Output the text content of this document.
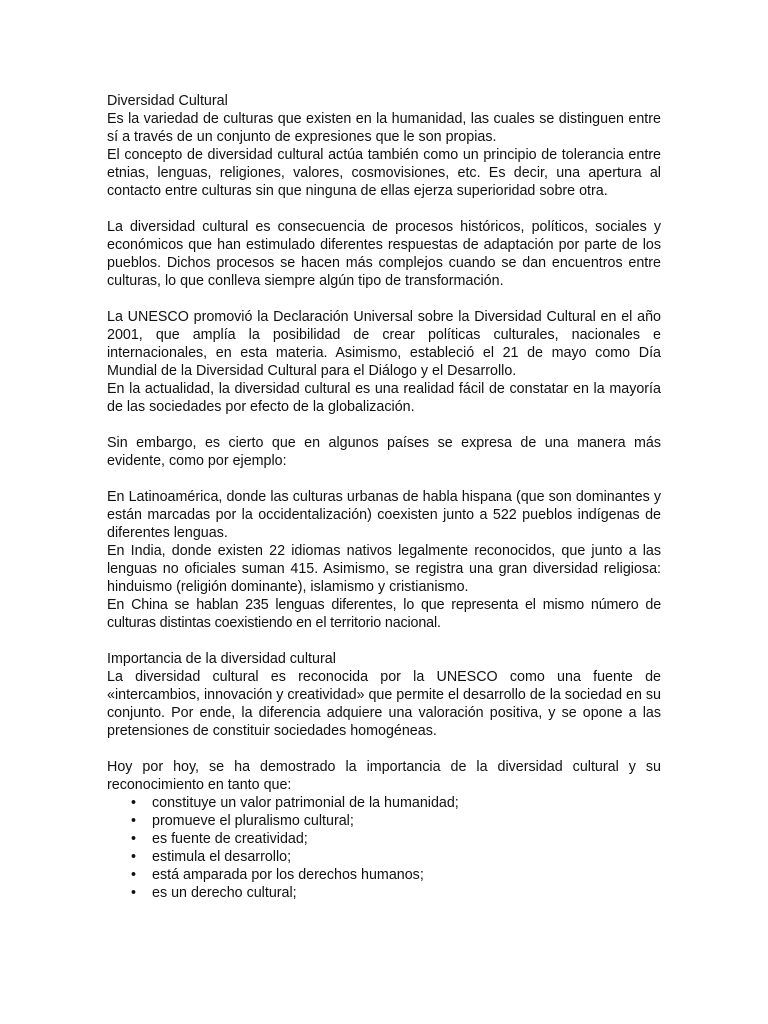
Diversidad Cultural

Es la variedad de culturas que existen en la humanidad, las cuales se distinguen entre sí a través de un conjunto de expresiones que le son propias.

El concepto de diversidad cultural actúa también como un principio de tolerancia entre etnias, lenguas, religiones, valores, cosmovisiones, etc. Es decir, una apertura al contacto entre culturas sin que ninguna de ellas ejerza superioridad sobre otra.

La diversidad cultural es consecuencia de procesos históricos, políticos, sociales y económicos que han estimulado diferentes respuestas de adaptación por parte de los pueblos. Dichos procesos se hacen más complejos cuando se dan encuentros entre culturas, lo que conlleva siempre algún tipo de transformación.

La UNESCO promovió la Declaración Universal sobre la Diversidad Cultural en el año 2001, que amplía la posibilidad de crear políticas culturales, nacionales e internacionales, en esta materia. Asimismo, estableció el 21 de mayo como Día Mundial de la Diversidad Cultural para el Diálogo y el Desarrollo.

En la actualidad, la diversidad cultural es una realidad fácil de constatar en la mayoría de las sociedades por efecto de la globalización.

Sin embargo, es cierto que en algunos países se expresa de una manera más evidente, como por ejemplo:

En Latinoamérica, donde las culturas urbanas de habla hispana (que son dominantes y están marcadas por la occidentalización) coexisten junto a 522 pueblos indígenas de diferentes lenguas.

En India, donde existen 22 idiomas nativos legalmente reconocidos, que junto a las lenguas no oficiales suman 415. Asimismo, se registra una gran diversidad religiosa: hinduismo (religión dominante), islamismo y cristianismo.

En China se hablan 235 lenguas diferentes, lo que representa el mismo número de culturas distintas coexistiendo en el territorio nacional.

Importancia de la diversidad cultural

La diversidad cultural es reconocida por la UNESCO como una fuente de «intercambios, innovación y creatividad» que permite el desarrollo de la sociedad en su conjunto. Por ende, la diferencia adquiere una valoración positiva, y se opone a las pretensiones de constituir sociedades homogéneas.

Hoy por hoy, se ha demostrado la importancia de la diversidad cultural y su reconocimiento en tanto que:

• constituye un valor patrimonial de la humanidad;
• promueve el pluralismo cultural;
• es fuente de creatividad;
• estimula el desarrollo;
• está amparada por los derechos humanos;
• es un derecho cultural;
